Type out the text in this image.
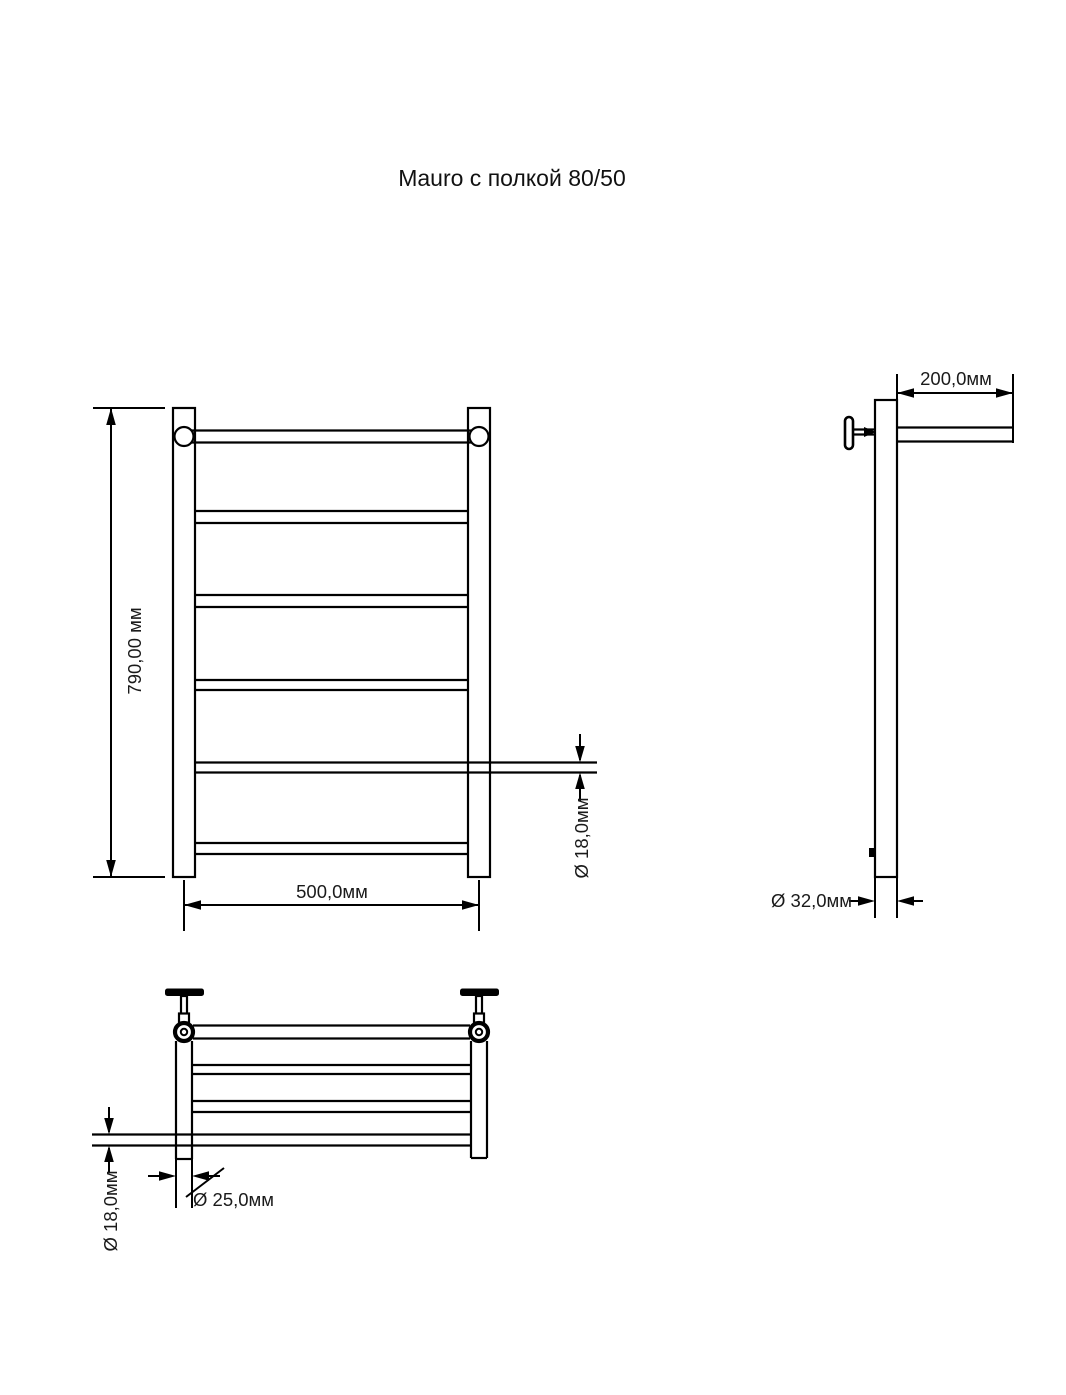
Mauro с полкой 80/50
790,00 мм
500,0мм
Ø 18,0мм
200,0мм
Ø 32,0мм
Ø 25,0мм
Ø 18,0мм
